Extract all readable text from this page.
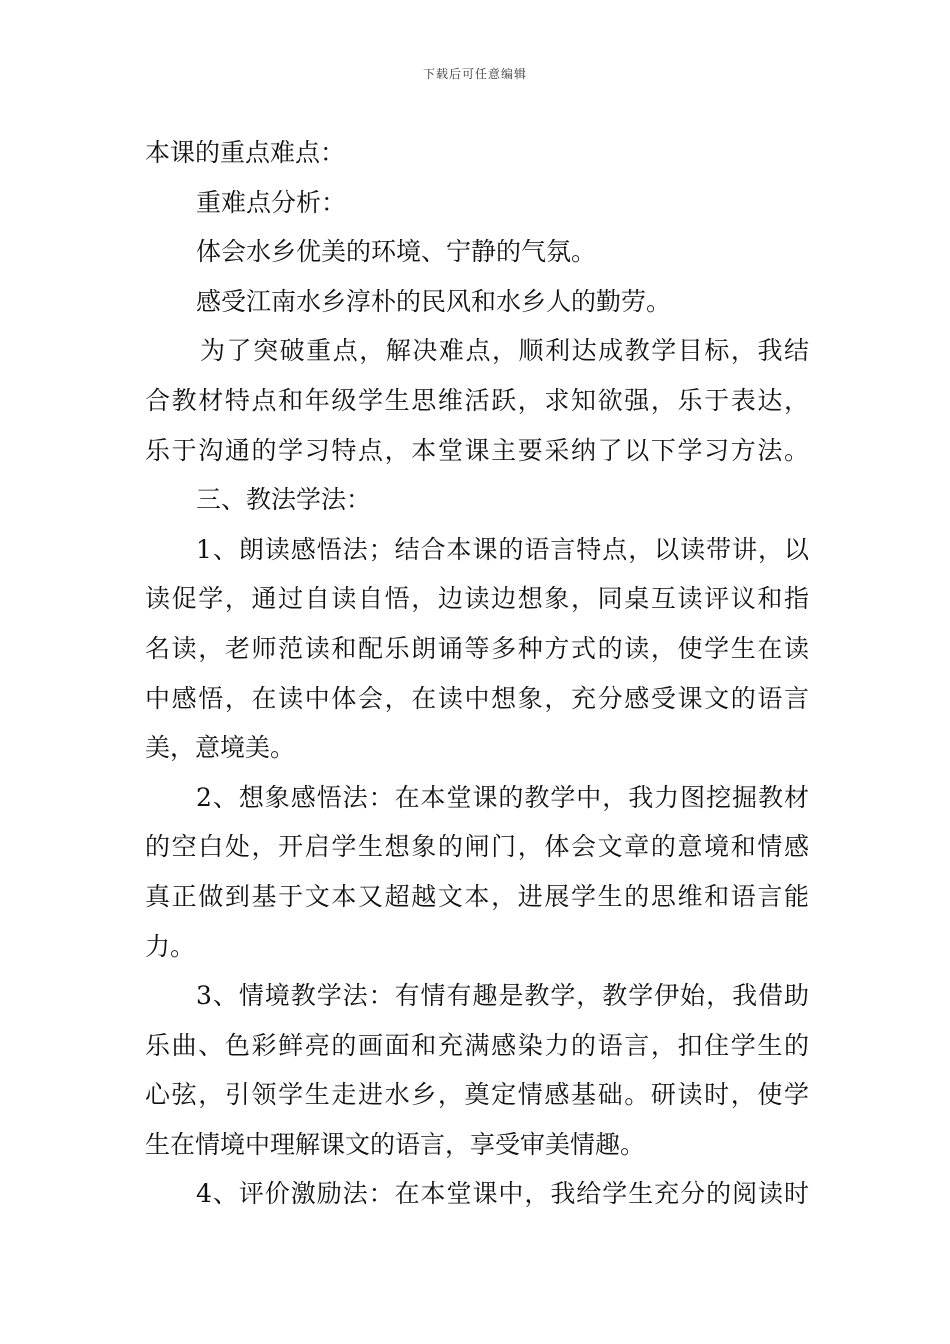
下载后可任意编辑
本课的重点难点：
重难点分析：
体会水乡优美的环境、宁静的气氛。
感受江南水乡淳朴的民风和水乡人的勤劳。
为了突破重点，解决难点，顺利达成教学目标，我结
合教材特点和年级学生思维活跃，求知欲强，乐于表达，
乐于沟通的学习特点，本堂课主要采纳了以下学习方法。
三、教法学法：
1、朗读感悟法；结合本课的语言特点，以读带讲，以
读促学，通过自读自悟，边读边想象，同桌互读评议和指
名读，老师范读和配乐朗诵等多种方式的读，使学生在读
中感悟，在读中体会，在读中想象，充分感受课文的语言
美，意境美。
2、想象感悟法：在本堂课的教学中，我力图挖掘教材
的空白处，开启学生想象的闸门，体会文章的意境和情感
真正做到基于文本又超越文本，进展学生的思维和语言能
力。
3、情境教学法：有情有趣是教学，教学伊始，我借助
乐曲、色彩鲜亮的画面和充满感染力的语言，扣住学生的
心弦，引领学生走进水乡，奠定情感基础。研读时，使学
生在情境中理解课文的语言，享受审美情趣。
4、评价激励法：在本堂课中，我给学生充分的阅读时
